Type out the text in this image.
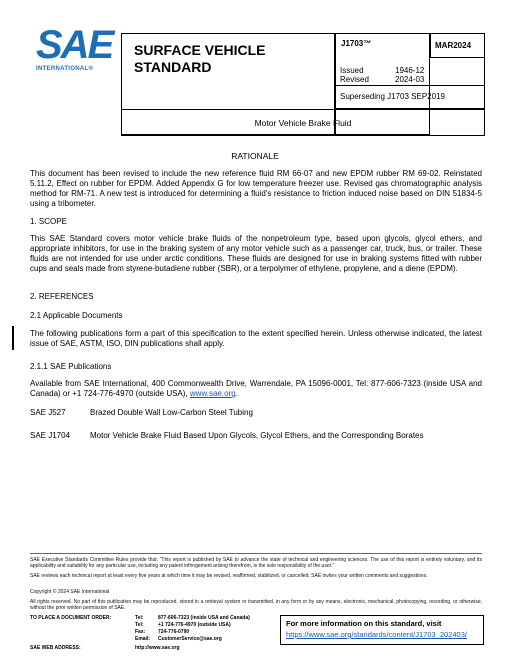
SAE
INTERNATIONAL®
SURFACE VEHICLE
STANDARD
J1703™	MAR2024
Issued	1946-12
Revised	2024-03
Superseding J1703 SEP2019
Motor Vehicle Brake Fluid
RATIONALE
This document has been revised to include the new reference fluid RM 66-07 and new EPDM rubber RM 69-02. Reinstated 5.11.2, Effect on rubber for EPDM. Added Appendix G for low temperature freezer use. Revised gas chromatographic analysis method for RM-71. A new test is introduced for determining a fluid's resistance to friction induced noise based on DIN 51834-5 using a tribometer.
1. SCOPE
This SAE Standard covers motor vehicle brake fluids of the nonpetroleum type, based upon glycols, glycol ethers, and appropriate inhibitors, for use in the braking system of any motor vehicle such as a passenger car, truck, bus, or trailer. These fluids are not intended for use under arctic conditions. These fluids are designed for use in braking systems fitted with rubber cups and seals made from styrene-butadiene rubber (SBR), or a terpolymer of ethylene, propylene, and a diene (EPDM).
2. REFERENCES
2.1 Applicable Documents
The following publications form a part of this specification to the extent specified herein. Unless otherwise indicated, the latest issue of SAE, ASTM, ISO, DIN publications shall apply.
2.1.1 SAE Publications
Available from SAE International, 400 Commonwealth Drive, Warrendale, PA 15096-0001, Tel: 877-606-7323 (inside USA and Canada) or +1 724-776-4970 (outside USA), www.sae.org.
SAE J527	Brazed Double Wall Low-Carbon Steel Tubing
SAE J1704 Motor Vehicle Brake Fluid Based Upon Glycols, Glycol Ethers, and the Corresponding Borates
SAE Executive Standards Committee Rules provide that: “This report is published by SAE to advance the state of technical and engineering sciences. The use of this report is entirely voluntary, and its applicability and suitability for any particular use, including any patent infringement arising therefrom, is the sole responsibility of the user.”
SAE reviews each technical report at least every five years at which time it may be revised, reaffirmed, stabilized, or cancelled. SAE invites your written comments and suggestions.
Copyright © 2024 SAE International
All rights reserved. No part of this publication may be reproduced, stored in a retrieval system or transmitted, in any form or by any means, electronic, mechanical, photocopying, recording, or otherwise, without the prior written permission of SAE.
TO PLACE A DOCUMENT ORDER:	Tel:	877-606-7323 (inside USA and Canada)
Tel:	+1 724-776-4970 (outside USA)
Fax:	724-776-0790
Email: CustomerService@sae.org
SAE WEB ADDRESS:	http://www.sae.org
For more information on this standard, visit
https://www.sae.org/standards/content/J1703_202403/
